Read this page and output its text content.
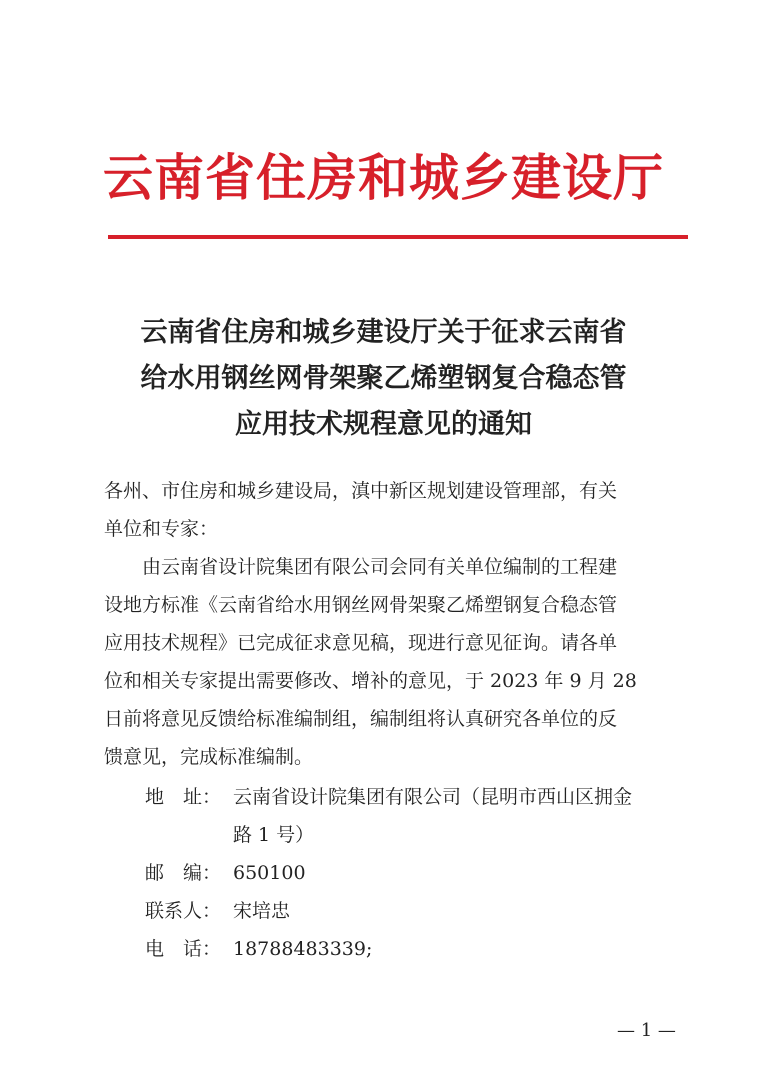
云南省住房和城乡建设厅
云南省住房和城乡建设厅关于征求云南省
给水用钢丝网骨架聚乙烯塑钢复合稳态管
应用技术规程意见的通知
各州、市住房和城乡建设局，滇中新区规划建设管理部，有关
单位和专家：
由云南省设计院集团有限公司会同有关单位编制的工程建
设地方标准《云南省给水用钢丝网骨架聚乙烯塑钢复合稳态管
应用技术规程》已完成征求意见稿，现进行意见征询。请各单
位和相关专家提出需要修改、增补的意见，于 2023 年 9 月 28
日前将意见反馈给标准编制组，编制组将认真研究各单位的反
馈意见，完成标准编制。
地　址： 云南省设计院集团有限公司（昆明市西山区拥金
路 1 号）
邮　编： 650100
联系人： 宋培忠
电　话： 18788483339;
— 1 —
